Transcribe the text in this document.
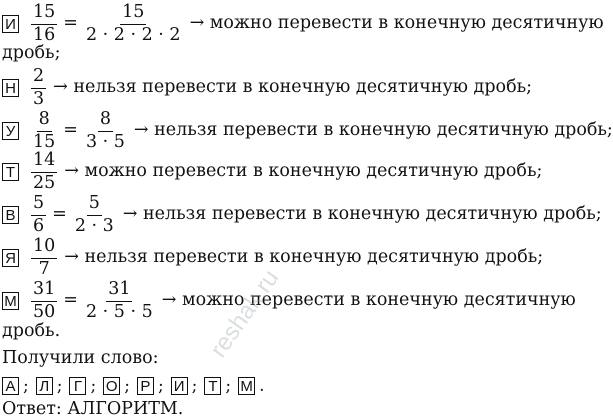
И $\frac{15}{16} = \frac{15}{2 \cdot 2 \cdot 2 \cdot 2}$ → можно перевести в конечную десятичную
дробь;
Н $\frac{2}{3}$ → нельзя перевести в конечную десятичную дробь;
У $\frac{8}{15} = \frac{8}{3 \cdot 5}$ → нельзя перевести в конечную десятичную дробь;
Т $\frac{14}{25}$ → можно перевести в конечную десятичную дробь;
В $\frac{5}{6} = \frac{5}{2 \cdot 3}$ → нельзя перевести в конечную десятичную дробь;
Я $\frac{10}{7}$ → нельзя перевести в конечную десятичную дробь;
М $\frac{31}{50} = \frac{31}{2 \cdot 5 \cdot 5}$ → можно перевести в конечную десятичную
дробь.
Получили слово:
А ; Л ; Г ; О ; Р ; И ; Т ; М .
Ответ: АЛГОРИТМ.
reshak.ru
